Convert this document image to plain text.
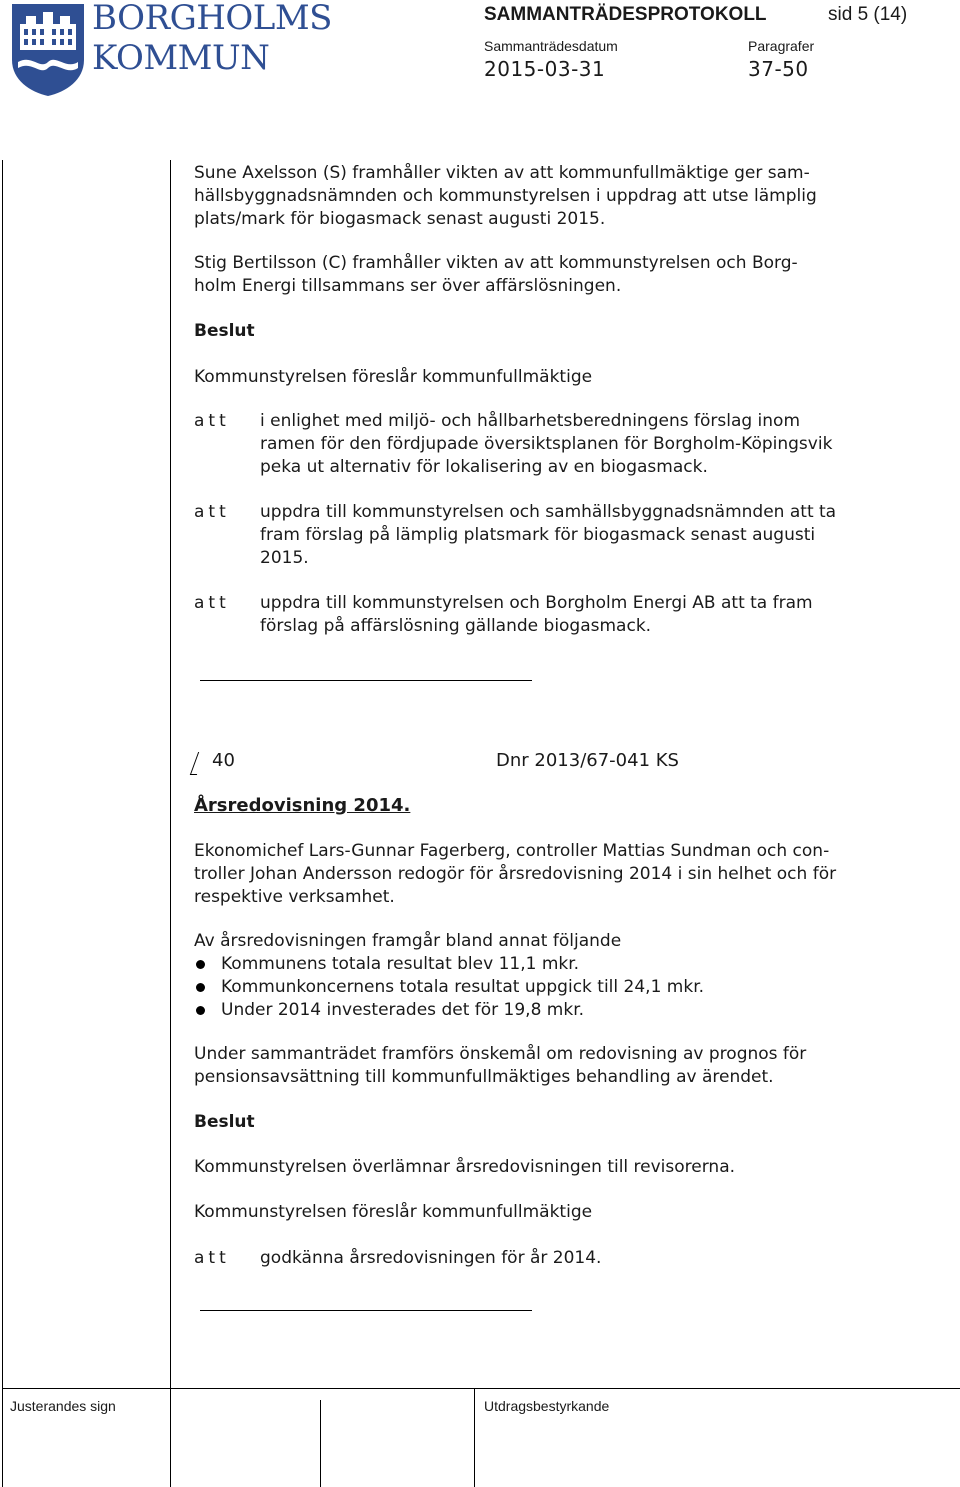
BORGHOLMS
KOMMUN
SAMMANTRÄDESPROTOKOLL	sid 5 (14)
Sammanträdesdatum	Paragrafer
2015-03-31	37-50
Sune Axelsson (S) framhåller vikten av att kommunfullmäktige ger sam-
hällsbyggnadsnämnden och kommunstyrelsen i uppdrag att utse lämplig
plats/mark för biogasmack senast augusti 2015.
Stig Bertilsson (C) framhåller vikten av att kommunstyrelsen och Borg-
holm Energi tillsammans ser över affärslösningen.
Beslut
Kommunstyrelsen föreslår kommunfullmäktige
att i enlighet med miljö- och hållbarhetsberedningens förslag inom
ramen för den fördjupade översiktsplanen för Borgholm-Köpingsvik
peka ut alternativ för lokalisering av en biogasmack.
att uppdra till kommunstyrelsen och samhällsbyggnadsnämnden att ta
fram förslag på lämplig platsmark för biogasmack senast augusti
2015.
att uppdra till kommunstyrelsen och Borgholm Energi AB att ta fram
förslag på affärslösning gällande biogasmack.
40	Dnr 2013/67-041 KS
Årsredovisning 2014.
Ekonomichef Lars-Gunnar Fagerberg, controller Mattias Sundman och con-
troller Johan Andersson redogör för årsredovisning 2014 i sin helhet och för
respektive verksamhet.
Av årsredovisningen framgår bland annat följande
Kommunens totala resultat blev 11,1 mkr.
Kommunkoncernens totala resultat uppgick till 24,1 mkr.
Under 2014 investerades det för 19,8 mkr.
Under sammanträdet framförs önskemål om redovisning av prognos för
pensionsavsättning till kommunfullmäktiges behandling av ärendet.
Beslut
Kommunstyrelsen överlämnar årsredovisningen till revisorerna.
Kommunstyrelsen föreslår kommunfullmäktige
att godkänna årsredovisningen för år 2014.
Justerandes sign	Utdragsbestyrkande
